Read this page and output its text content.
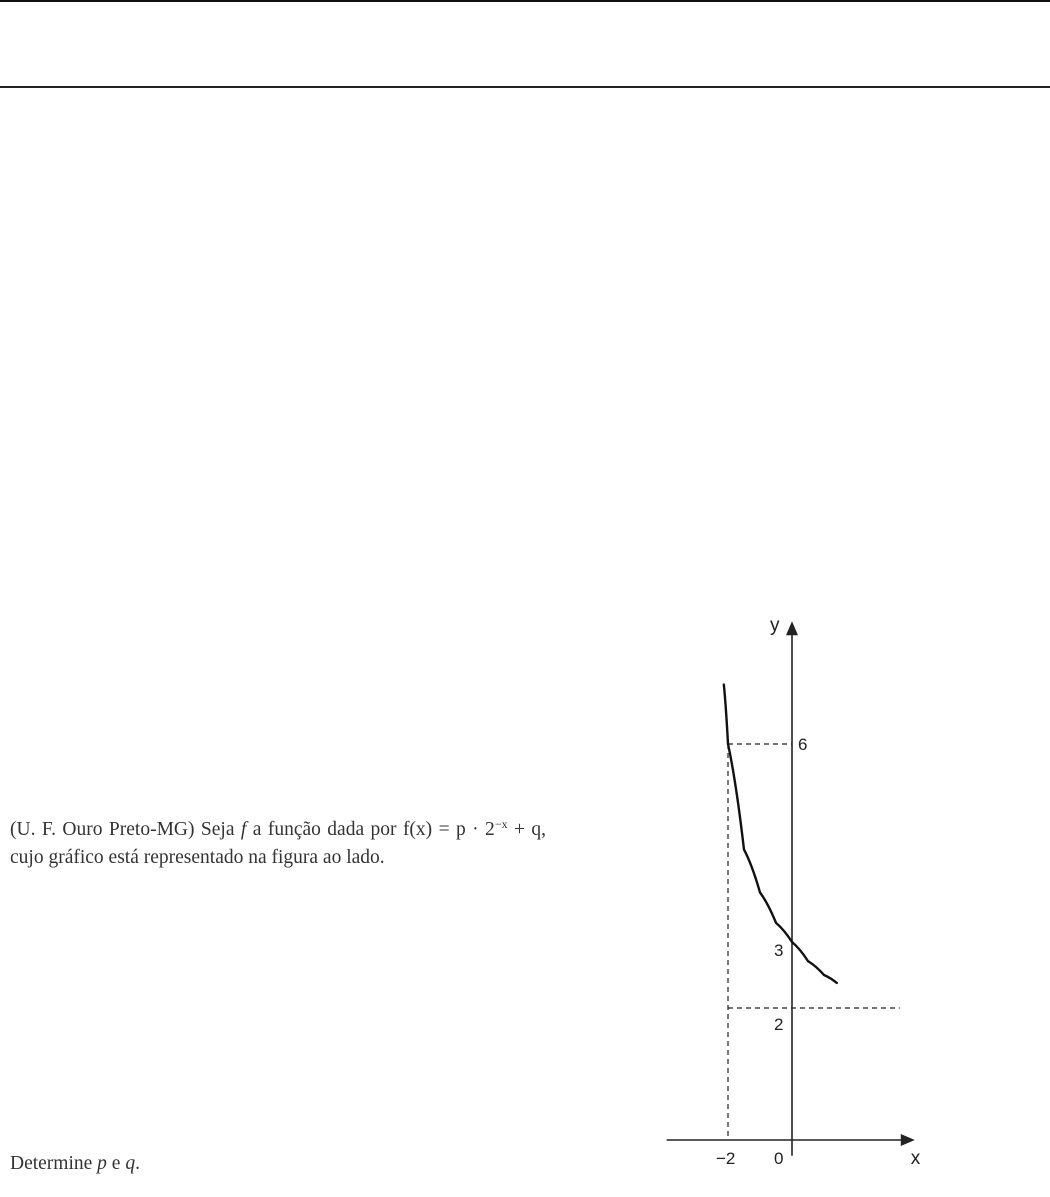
(U. F. Ouro Preto-MG) Seja f a função dada por $f(x) = p \cdot 2^{-x} + q$, cujo gráfico está representado na figura ao lado.
Determine p e q.	x
y
6
3
2
−2 0
